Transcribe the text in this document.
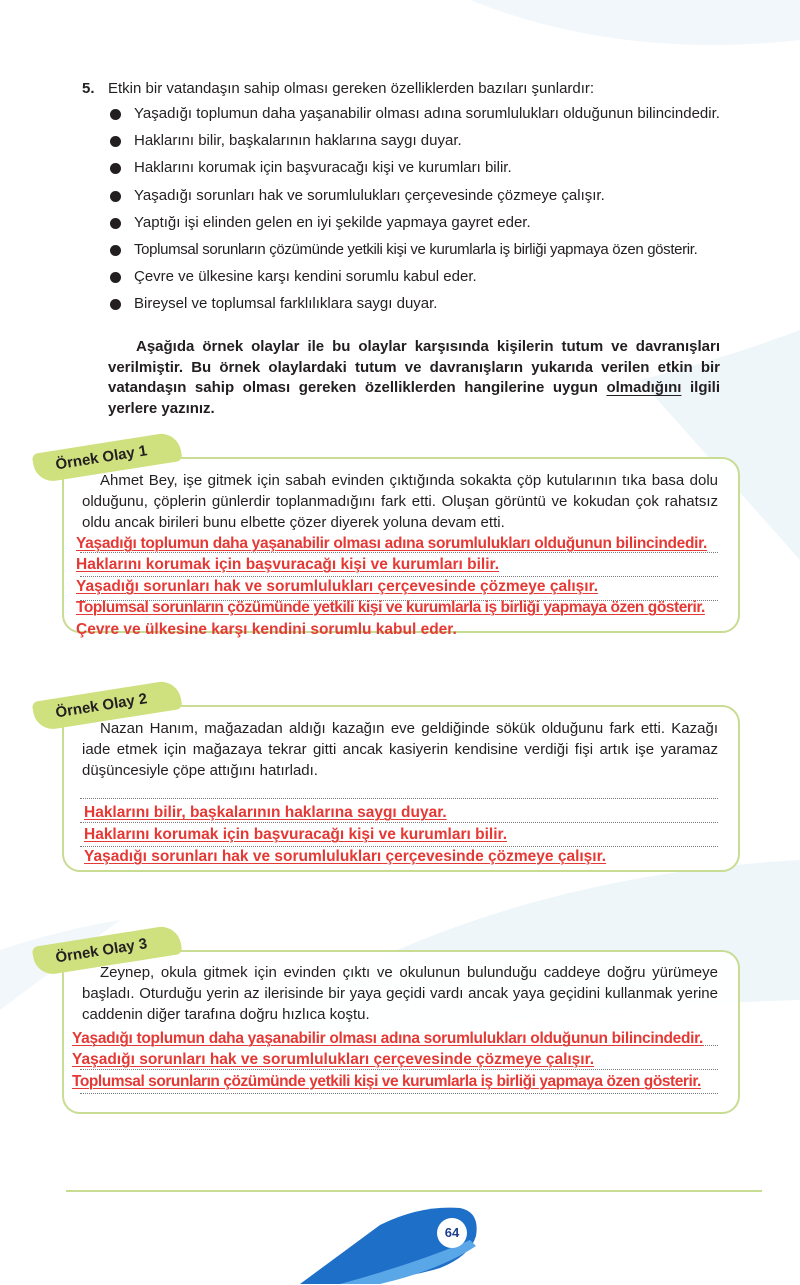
5. Etkin bir vatandaşın sahip olması gereken özelliklerden bazıları şunlardır:
Yaşadığı toplumun daha yaşanabilir olması adına sorumlulukları olduğunun bilincindedir.
Haklarını bilir, başkalarının haklarına saygı duyar.
Haklarını korumak için başvuracağı kişi ve kurumları bilir.
Yaşadığı sorunları hak ve sorumlulukları çerçevesinde çözmeye çalışır.
Yaptığı işi elinden gelen en iyi şekilde yapmaya gayret eder.
Toplumsal sorunların çözümünde yetkili kişi ve kurumlarla iş birliği yapmaya özen gösterir.
Çevre ve ülkesine karşı kendini sorumlu kabul eder.
Bireysel ve toplumsal farklılıklara saygı duyar.
Aşağıda örnek olaylar ile bu olaylar karşısında kişilerin tutum ve davranışları verilmiştir. Bu örnek olaylardaki tutum ve davranışların yukarıda verilen etkin bir vatandaşın sahip olması gereken özelliklerden hangilerine uygun olmadığını ilgili yerlere yazınız.
Örnek Olay 1
Ahmet Bey, işe gitmek için sabah evinden çıktığında sokakta çöp kutularının tıka basa dolu olduğunu, çöplerin günlerdir toplanmadığını fark etti. Oluşan görüntü ve kokudan çok rahatsız oldu ancak birileri bunu elbette çözer diyerek yoluna devam etti.
Yaşadığı toplumun daha yaşanabilir olması adına sorumlulukları olduğunun bilincindedir.
Haklarını korumak için başvuracağı kişi ve kurumları bilir.
Yaşadığı sorunları hak ve sorumlulukları çerçevesinde çözmeye çalışır.
Toplumsal sorunların çözümünde yetkili kişi ve kurumlarla iş birliği yapmaya özen gösterir.
Çevre ve ülkesine karşı kendini sorumlu kabul eder.
Örnek Olay 2
Nazan Hanım, mağazadan aldığı kazağın eve geldiğinde sökük olduğunu fark etti. Kazağı iade etmek için mağazaya tekrar gitti ancak kasiyerin kendisine verdiği fişi artık işe yaramaz düşüncesiyle çöpe attığını hatırladı.
Haklarını bilir, başkalarının haklarına saygı duyar.
Haklarını korumak için başvuracağı kişi ve kurumları bilir.
Yaşadığı sorunları hak ve sorumlulukları çerçevesinde çözmeye çalışır.
Örnek Olay 3
Zeynep, okula gitmek için evinden çıktı ve okulunun bulunduğu caddeye doğru yürümeye başladı. Oturduğu yerin az ilerisinde bir yaya geçidi vardı ancak yaya geçidini kullanmak yerine caddenin diğer tarafına doğru hızlıca koştu.
Yaşadığı toplumun daha yaşanabilir olması adına sorumlulukları olduğunun bilincindedir.
Yaşadığı sorunları hak ve sorumlulukları çerçevesinde çözmeye çalışır.
Toplumsal sorunların çözümünde yetkili kişi ve kurumlarla iş birliği yapmaya özen gösterir.
64
